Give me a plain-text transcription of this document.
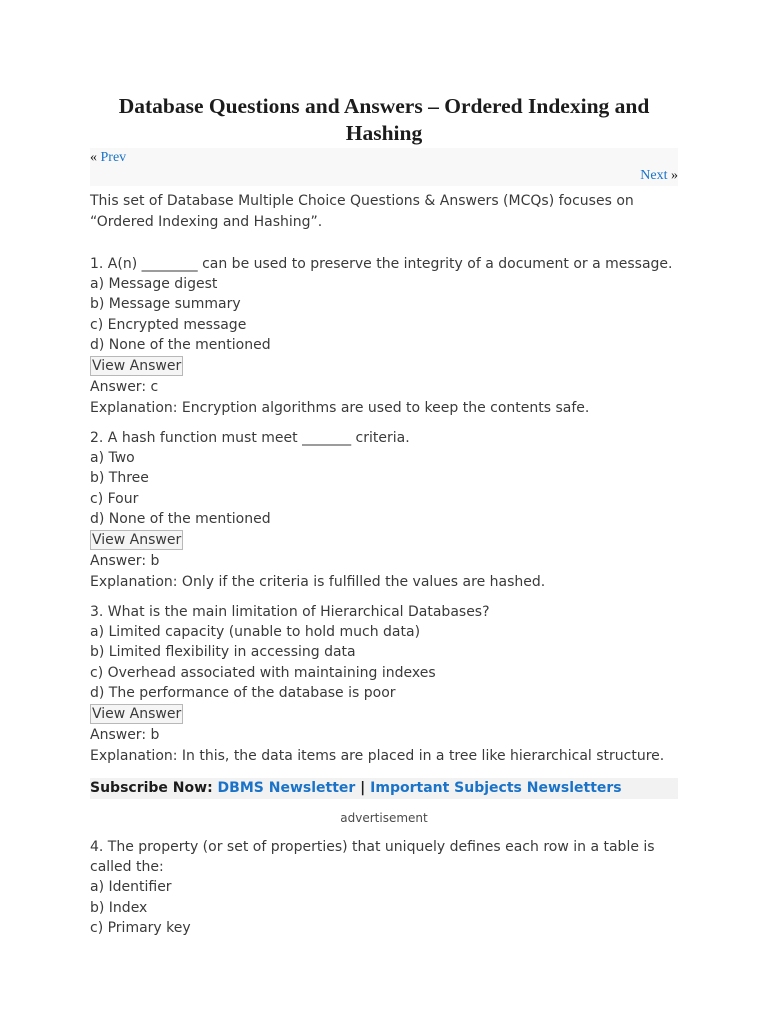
Database Questions and Answers – Ordered Indexing and Hashing
« Prev
Next »

This set of Database Multiple Choice Questions & Answers (MCQs) focuses on “Ordered Indexing and Hashing”.

1. A(n) ________ can be used to preserve the integrity of a document or a message.
a) Message digest
b) Message summary
c) Encrypted message
d) None of the mentioned
View Answer
Answer: c
Explanation: Encryption algorithms are used to keep the contents safe.
2. A hash function must meet _______ criteria.
a) Two
b) Three
c) Four
d) None of the mentioned
View Answer
Answer: b
Explanation: Only if the criteria is fulfilled the values are hashed.
3. What is the main limitation of Hierarchical Databases?
a) Limited capacity (unable to hold much data)
b) Limited flexibility in accessing data
c) Overhead associated with maintaining indexes
d) The performance of the database is poor
View Answer
Answer: b
Explanation: In this, the data items are placed in a tree like hierarchical structure.
Subscribe Now: DBMS Newsletter | Important Subjects Newsletters
advertisement
4. The property (or set of properties) that uniquely defines each row in a table is called the:
a) Identifier
b) Index
c) Primary key
